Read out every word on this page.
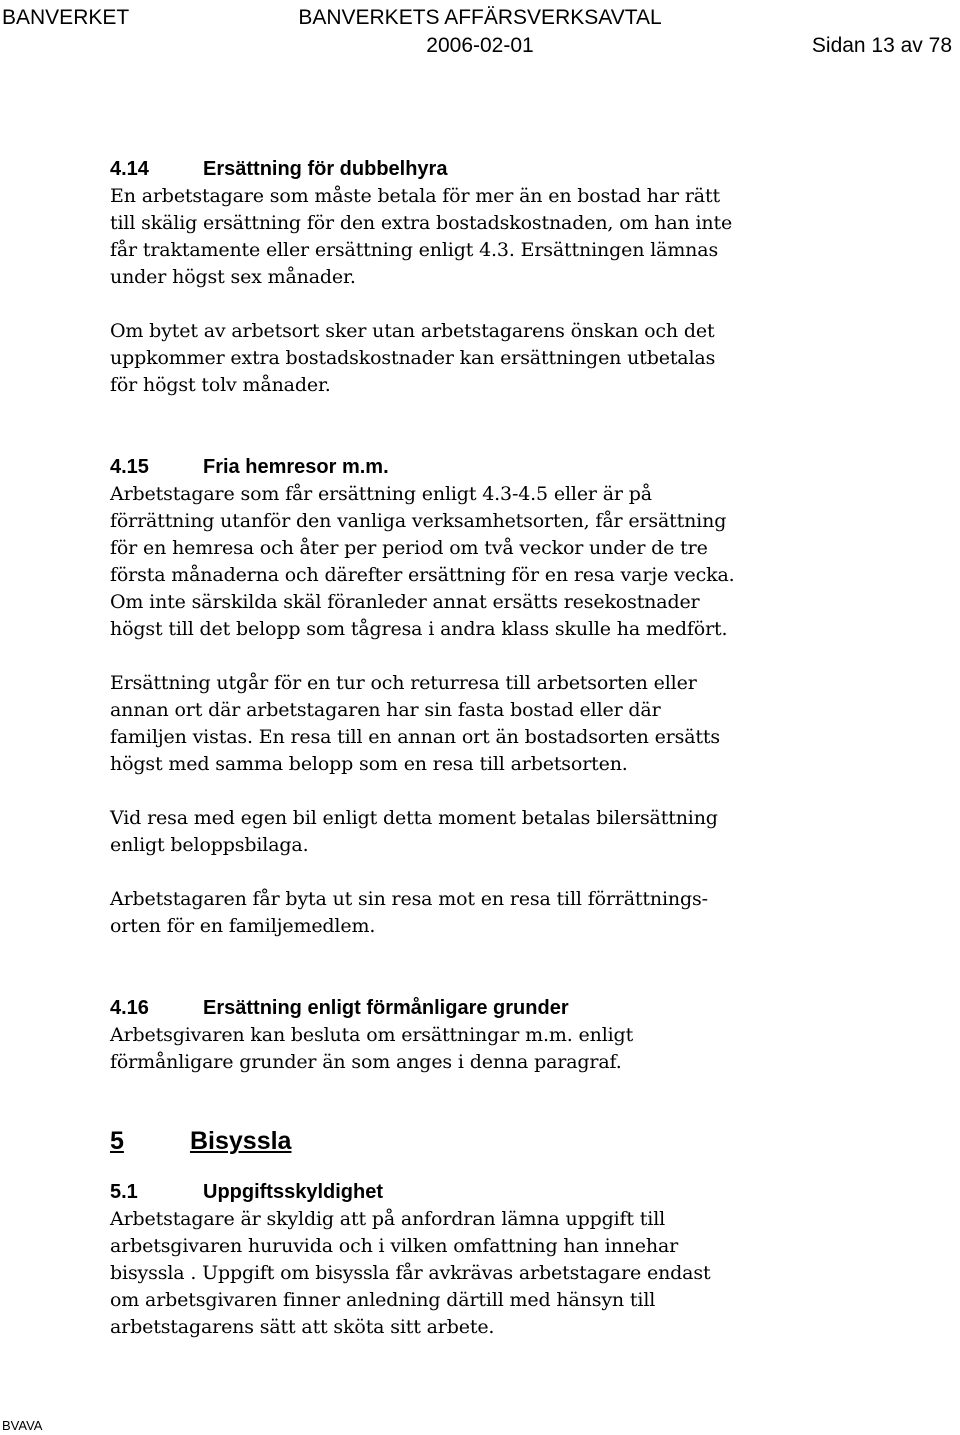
BANVERKET	BANVERKETS AFFÄRSVERKSAVTAL
2006-02-01	Sidan 13 av 78
4.14	Ersättning för dubbelhyra

En arbetstagare som måste betala för mer än en bostad har rätt
till skälig ersättning för den extra bostadskostnaden, om han inte
får traktamente eller ersättning enligt 4.3. Ersättningen lämnas
under högst sex månader.

Om bytet av arbetsort sker utan arbetstagarens önskan och det
uppkommer extra bostadskostnader kan ersättningen utbetalas
för högst tolv månader.

4.15	Fria hemresor m.m.

Arbetstagare som får ersättning enligt 4.3-4.5 eller är på
förrättning utanför den vanliga verksamhetsorten, får ersättning
för en hemresa och åter per period om två veckor under de tre
första månaderna och därefter ersättning för en resa varje vecka.
Om inte särskilda skäl föranleder annat ersätts resekostnader
högst till det belopp som tågresa i andra klass skulle ha medfört.

Ersättning utgår för en tur och returresa till arbetsorten eller
annan ort där arbetstagaren har sin fasta bostad eller där
familjen vistas. En resa till en annan ort än bostadsorten ersätts
högst med samma belopp som en resa till arbetsorten.

Vid resa med egen bil enligt detta moment betalas bilersättning
enligt beloppsbilaga.

Arbetstagaren får byta ut sin resa mot en resa till förrättnings-
orten för en familjemedlem.

4.16	Ersättning enligt förmånligare grunder

Arbetsgivaren kan besluta om ersättningar m.m. enligt
förmånligare grunder än som anges i denna paragraf.

5	Bisyssla
5.1	Uppgiftsskyldighet

Arbetstagare är skyldig att på anfordran lämna uppgift till
arbetsgivaren huruvida och i vilken omfattning han innehar
bisyssla . Uppgift om bisyssla får avkrävas arbetstagare endast
om arbetsgivaren finner anledning därtill med hänsyn till
arbetstagarens sätt att sköta sitt arbete.

BVAVA
